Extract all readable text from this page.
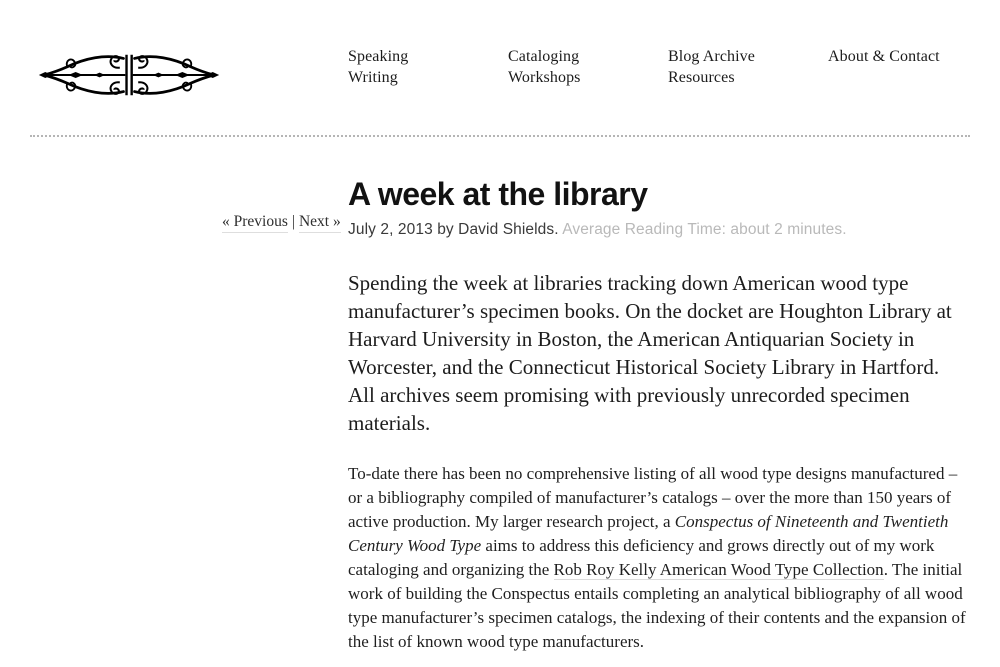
Speaking
Writing
Cataloging
Workshops
Blog Archive
Resources
About & Contact
« Previous | Next »
A week at the library

July 2, 2013 by David Shields. Average Reading Time: about 2 minutes.

Spending the week at libraries tracking down American wood type manufacturer’s specimen books. On the docket are Houghton Library at Harvard University in Boston, the American Antiquarian Society in Worcester, and the Connecticut Historical Society Library in Hartford. All archives seem promising with previously unrecorded specimen materials.

To-date there has been no comprehensive listing of all wood type designs manufactured – or a bibliography compiled of manufacturer’s catalogs – over the more than 150 years of active production. My larger research project, a Conspectus of Nineteenth and Twentieth Century Wood Type aims to address this deficiency and grows directly out of my work cataloging and organizing the Rob Roy Kelly American Wood Type Collection. The initial work of building the Conspectus entails completing an analytical bibliography of all wood type manufacturer’s specimen catalogs, the indexing of their contents and the expansion of the list of known wood type manufacturers.
